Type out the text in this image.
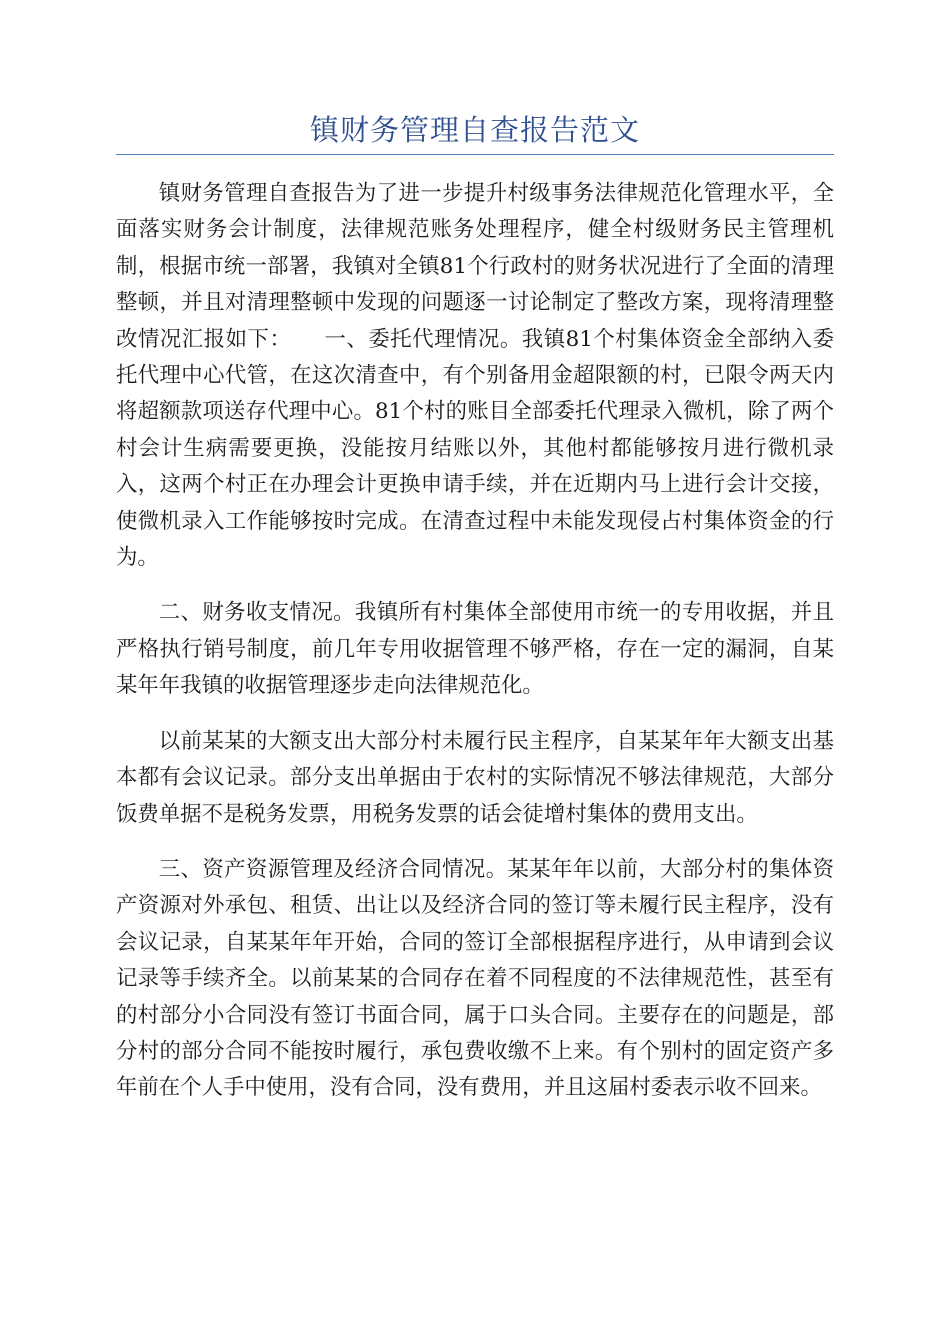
镇财务管理自查报告范文

镇财务管理自查报告为了进一步提升村级事务法律规范化管理水平，全面落实财务会计制度，法律规范账务处理程序，健全村级财务民主管理机制，根据市统一部署，我镇对全镇81个行政村的财务状况进行了全面的清理整顿，并且对清理整顿中发现的问题逐一讨论制定了整改方案，现将清理整改情况汇报如下：　　一、委托代理情况。我镇81个村集体资金全部纳入委托代理中心代管，在这次清查中，有个别备用金超限额的村，已限令两天内将超额款项送存代理中心。81个村的账目全部委托代理录入微机，除了两个村会计生病需要更换，没能按月结账以外，其他村都能够按月进行微机录入，这两个村正在办理会计更换申请手续，并在近期内马上进行会计交接，使微机录入工作能够按时完成。在清查过程中未能发现侵占村集体资金的行为。

二、财务收支情况。我镇所有村集体全部使用市统一的专用收据，并且严格执行销号制度，前几年专用收据管理不够严格，存在一定的漏洞，自某某年年我镇的收据管理逐步走向法律规范化。

以前某某的大额支出大部分村未履行民主程序，自某某年年大额支出基本都有会议记录。部分支出单据由于农村的实际情况不够法律规范，大部分饭费单据不是税务发票，用税务发票的话会徒增村集体的费用支出。

三、资产资源管理及经济合同情况。某某年年以前，大部分村的集体资产资源对外承包、租赁、出让以及经济合同的签订等未履行民主程序，没有会议记录，自某某年年开始，合同的签订全部根据程序进行，从申请到会议记录等手续齐全。以前某某的合同存在着不同程度的不法律规范性，甚至有的村部分小合同没有签订书面合同，属于口头合同。主要存在的问题是，部分村的部分合同不能按时履行，承包费收缴不上来。有个别村的固定资产多年前在个人手中使用，没有合同，没有费用，并且这届村委表示收不回来。
